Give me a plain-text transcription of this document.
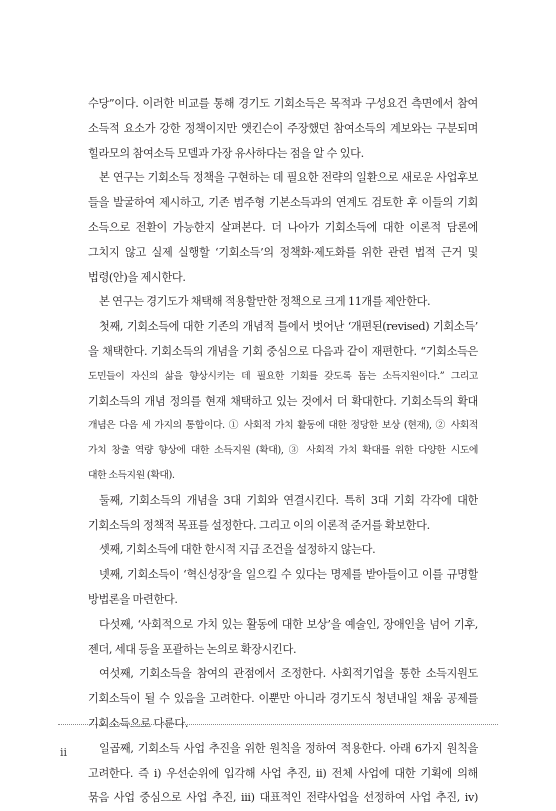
수당”이다. 이러한 비교를 통해 경기도 기회소득은 목적과 구성요건 측면에서 참여
소득적 요소가 강한 정책이지만 앳킨슨이 주장했던 참여소득의 계보와는 구분되며
힐라모의 참여소득 모델과 가장 유사하다는 점을 알 수 있다.
본 연구는 기회소득 정책을 구현하는 데 필요한 전략의 일환으로 새로운 사업후보
들을 발굴하여 제시하고, 기존 범주형 기본소득과의 연계도 검토한 후 이들의 기회
소득으로 전환이 가능한지 살펴본다. 더 나아가 기회소득에 대한 이론적 담론에
그치지 않고 실제 실행할 ‘기회소득’의 정책화·제도화를 위한 관련 법적 근거 및
법령(안)을 제시한다.
본 연구는 경기도가 채택해 적용할만한 정책으로 크게 11개를 제안한다.
첫째, 기회소득에 대한 기존의 개념적 틀에서 벗어난 ‘개편된(revised) 기회소득’
을 채택한다. 기회소득의 개념을 기회 중심으로 다음과 같이 재편한다. “기회소득은
도민들이 자신의 삶을 향상시키는 데 필요한 기회를 갖도록 돕는 소득지원이다.” 그리고
기회소득의 개념 정의를 현재 채택하고 있는 것에서 더 확대한다. 기회소득의 확대
개념은 다음 세 가지의 통합이다. ① 사회적 가치 활동에 대한 정당한 보상 (현재), ② 사회적
가치 창출 역량 향상에 대한 소득지원 (확대), ③ 사회적 가치 확대를 위한 다양한 시도에
대한 소득지원 (확대).
둘째, 기회소득의 개념을 3대 기회와 연결시킨다. 특히 3대 기회 각각에 대한
기회소득의 정책적 목표를 설정한다. 그리고 이의 이론적 준거를 확보한다.
셋째, 기회소득에 대한 한시적 지급 조건을 설정하지 않는다.
넷째, 기회소득이 ‘혁신성장’을 일으킬 수 있다는 명제를 받아들이고 이를 규명할
방법론을 마련한다.
다섯째, ‘사회적으로 가치 있는 활동에 대한 보상’을 예술인, 장애인을 넘어 기후,
젠더, 세대 등을 포괄하는 논의로 확장시킨다.
여섯째, 기회소득을 참여의 관점에서 조정한다. 사회적기업을 통한 소득지원도
기회소득이 될 수 있음을 고려한다. 이뿐만 아니라 경기도식 청년내일 채움 공제를
기회소득으로 다룬다.
일곱째, 기회소득 사업 추진을 위한 원칙을 정하여 적용한다. 아래 6가지 원칙을
고려한다. 즉 i) 우선순위에 입각해 사업 추진, ii) 전체 사업에 대한 기획에 의해
묶음 사업 중심으로 사업 추진, iii) 대표적인 전략사업을 선정하여 사업 추진, iv)

ii
